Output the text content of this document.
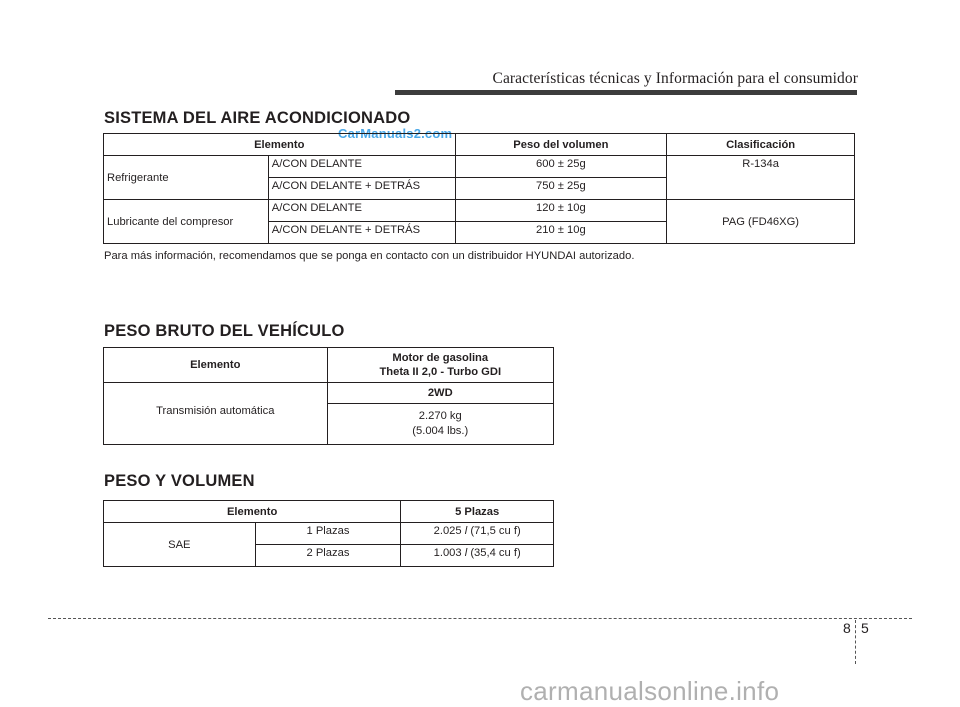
Características técnicas y Información para el consumidor
SISTEMA DEL AIRE ACONDICIONADO
CarManuals2.com
Elemento		Peso del volumen	Clasificación
Refrigerante	A/CON DELANTE	600 ± 25g	R-134a
	A/CON DELANTE + DETRÁS	750 ± 25g	
Lubricante del compresor	A/CON DELANTE	120 ± 10g	PAG (FD46XG)
	A/CON DELANTE + DETRÁS	210 ± 10g	
Para más información, recomendamos que se ponga en contacto con un distribuidor HYUNDAI autorizado.
PESO BRUTO DEL VEHÍCULO
Elemento	Motor de gasolina
Theta II 2,0 - Turbo GDI
Transmisión automática	2WD
	2.270 kg
(5.004 lbs.)
PESO Y VOLUMEN
Elemento		5 Plazas
SAE	1 Plazas	2.025 l (71,5 cu f)
	2 Plazas	1.003 l (35,4 cu f)
8 5
carmanualsonline.info
